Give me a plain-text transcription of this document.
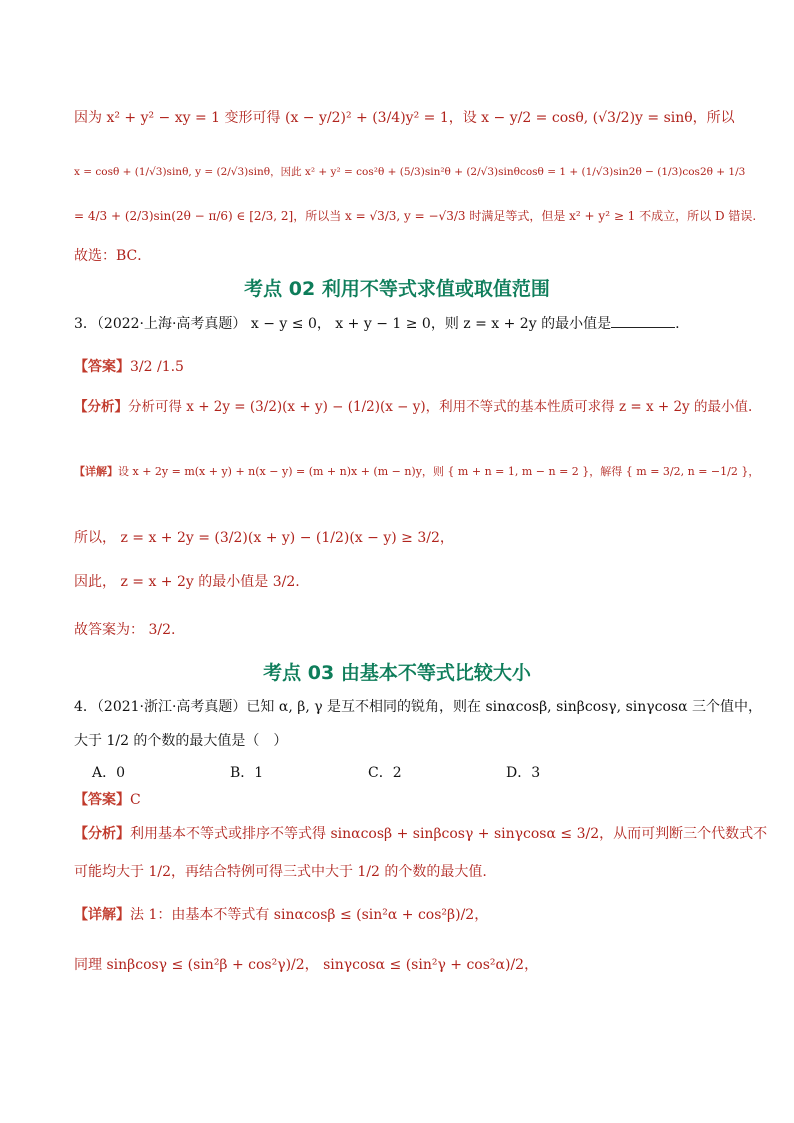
因为 x² + y² − xy = 1 变形可得 (x − y/2)² + (3/4)y² = 1，设 x − y/2 = cosθ, (√3/2)y = sinθ，所以
x = cosθ + (1/√3)sinθ, y = (2/√3)sinθ，因此 x² + y² = cos²θ + (5/3)sin²θ + (2/√3)sinθcosθ = 1 + (1/√3)sin2θ − (1/3)cos2θ + 1/3
= 4/3 + (2/3)sin(2θ − π/6) ∈ [2/3, 2]，所以当 x = √3/3, y = −√3/3 时满足等式，但是 x² + y² ≥ 1 不成立，所以 D 错误.
故选：BC．
考点 02 利用不等式求值或取值范围
3．（2022·上海·高考真题） x − y ≤ 0， x + y − 1 ≥ 0，则 z = x + 2y 的最小值是	.
【答案】3/2 /1.5
【分析】分析可得 x + 2y = (3/2)(x + y) − (1/2)(x − y)，利用不等式的基本性质可求得 z = x + 2y 的最小值.
【详解】设 x + 2y = m(x + y) + n(x − y) = (m + n)x + (m − n)y，则 { m + n = 1, m − n = 2 }，解得 { m = 3/2, n = −1/2 }，
所以， z = x + 2y = (3/2)(x + y) − (1/2)(x − y) ≥ 3/2，
因此， z = x + 2y 的最小值是 3/2.
故答案为： 3/2.
考点 03 由基本不等式比较大小
4．（2021·浙江·高考真题）已知 α, β, γ 是互不相同的锐角，则在 sinαcosβ, sinβcosγ, sinγcosα 三个值中，
大于 1/2 的个数的最大值是（　）
A．0	B．1	C．2	D．3
【答案】C
【分析】利用基本不等式或排序不等式得 sinαcosβ + sinβcosγ + sinγcosα ≤ 3/2，从而可判断三个代数式不
可能均大于 1/2，再结合特例可得三式中大于 1/2 的个数的最大值.
【详解】法 1：由基本不等式有 sinαcosβ ≤ (sin²α + cos²β)/2，
同理 sinβcosγ ≤ (sin²β + cos²γ)/2， sinγcosα ≤ (sin²γ + cos²α)/2，
